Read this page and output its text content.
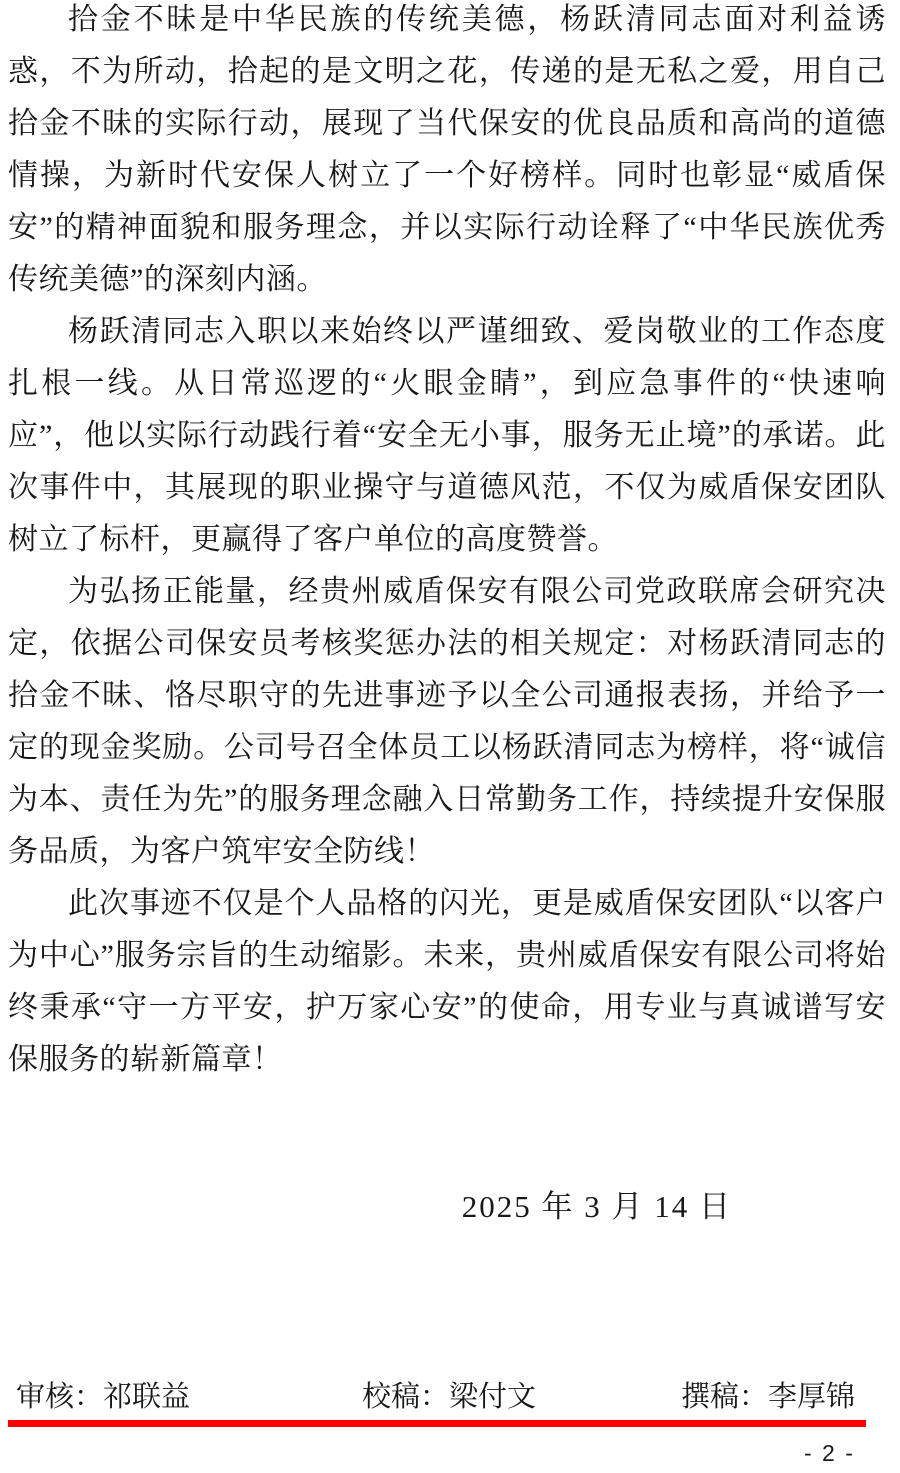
拾金不昧是中华民族的传统美德，杨跃清同志面对利益诱惑，不为所动，拾起的是文明之花，传递的是无私之爱，用自己拾金不昧的实际行动，展现了当代保安的优良品质和高尚的道德情操，为新时代安保人树立了一个好榜样。同时也彰显“威盾保安”的精神面貌和服务理念，并以实际行动诠释了“中华民族优秀传统美德”的深刻内涵。

杨跃清同志入职以来始终以严谨细致、爱岗敬业的工作态度扎根一线。从日常巡逻的“火眼金睛”，到应急事件的“快速响应”，他以实际行动践行着“安全无小事，服务无止境”的承诺。此次事件中，其展现的职业操守与道德风范，不仅为威盾保安团队树立了标杆，更赢得了客户单位的高度赞誉。

为弘扬正能量，经贵州威盾保安有限公司党政联席会研究决定，依据公司保安员考核奖惩办法的相关规定：对杨跃清同志的拾金不昧、恪尽职守的先进事迹予以全公司通报表扬，并给予一定的现金奖励。公司号召全体员工以杨跃清同志为榜样，将“诚信为本、责任为先”的服务理念融入日常勤务工作，持续提升安保服务品质，为客户筑牢安全防线！

此次事迹不仅是个人品格的闪光，更是威盾保安团队“以客户为中心”服务宗旨的生动缩影。未来，贵州威盾保安有限公司将始终秉承“守一方平安，护万家心安”的使命，用专业与真诚谱写安保服务的崭新篇章！

2025 年 3 月 14 日
审核：祁联益	校稿：梁付文	撰稿：李厚锦
- 2 -
